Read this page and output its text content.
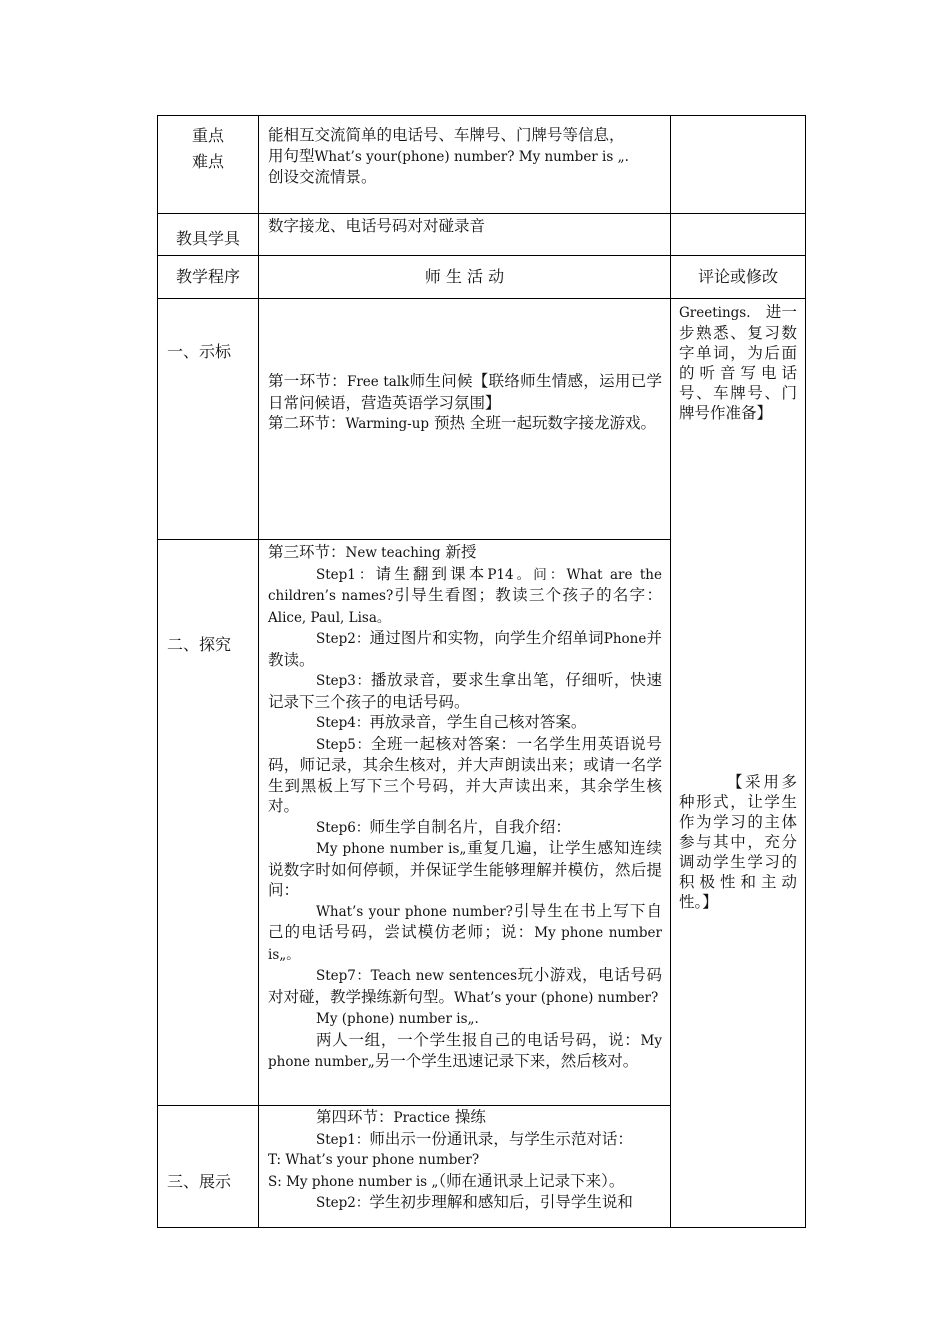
重点
难点

能相互交流简单的电话号、车牌号、门牌号等信息，

用句型What’s your(phone) number? My number is „.

创设交流情景。

教具学具

数字接龙、电话号码对对碰录音

教学程序	师 生 活 动	评论或修改
一、示标

第一环节：Free talk师生问候【联络师生情感，运用已学日常问候语，营造英语学习氛围】

第二环节：Warming-up 预热 全班一起玩数字接龙游戏。

二、探究

第三环节：New teaching 新授

Step1：请生翻到课本P14。问：What are the children’s names?引导生看图；教读三个孩子的名字：Alice, Paul, Lisa。

Step2：通过图片和实物，向学生介绍单词Phone并教读。

Step3：播放录音，要求生拿出笔，仔细听，快速记录下三个孩子的电话号码。

Step4：再放录音，学生自己核对答案。

Step5：全班一起核对答案：一名学生用英语说号码，师记录，其余生核对，并大声朗读出来；或请一名学生到黑板上写下三个号码，并大声读出来，其余学生核对。

Step6：师生学自制名片，自我介绍：

My phone number is„重复几遍，让学生感知连续说数字时如何停顿，并保证学生能够理解并模仿，然后提问：

What’s your phone number?引导生在书上写下自己的电话号码，尝试模仿老师；说：My phone number is„。

Step7：Teach new sentences玩小游戏，电话号码对对碰，教学操练新句型。What’s your (phone) number?

My (phone) number is„.

两人一组，一个学生报自己的电话号码，说：My phone number„另一个学生迅速记录下来，然后核对。

三、展示

第四环节：Practice 操练

Step1：师出示一份通讯录，与学生示范对话：

T: What’s your phone number?

S: My phone number is „（师在通讯录上记录下来）。

Step2：学生初步理解和感知后，引导学生说和

Greetings. 进一步熟悉、复习数字单词，为后面的听音写电话号、车牌号、门牌号作准备】

【采用多种形式，让学生作为学习的主体参与其中，充分调动学生学习的积极性和主动性。】
